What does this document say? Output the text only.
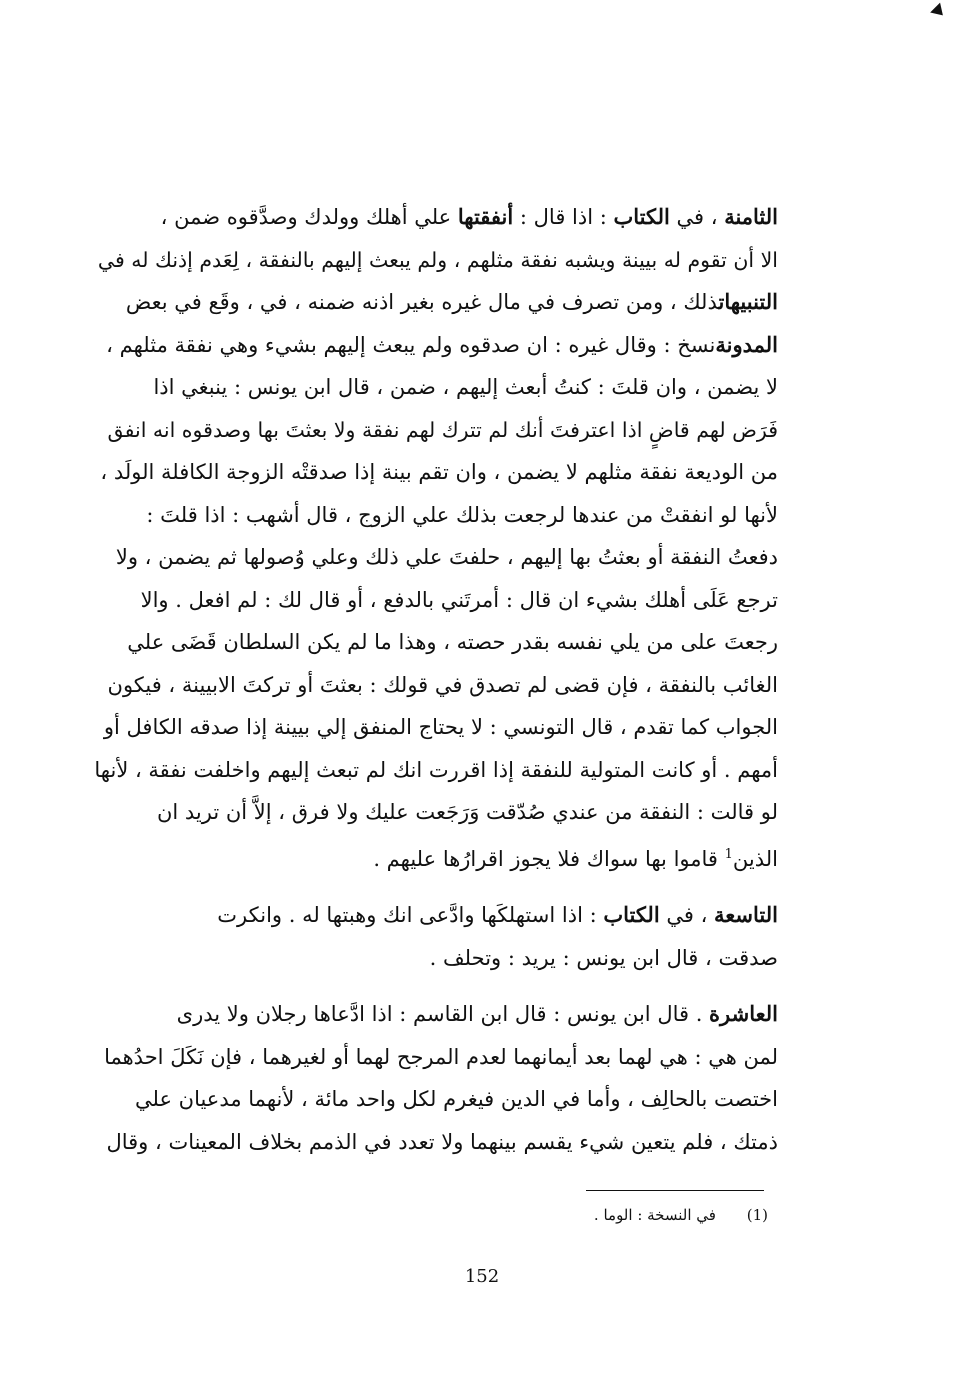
الثامنة ، في الكتاب : اذا قال : أنفقتها علي أهلك وولدك وصدَّقوه ضمن ،
الا أن تقوم له بيينة ويشبه نفقة مثلهم ، ولم يبعث إليهم بالنفقة ، لِعَدم إذنك له في
التنبيهاتذلك ، ومن تصرف في مال غيره بغير اذنه ضمنه ، في ، وقَع في بعض
المدونةنسخ : وقال غيره : ان صدقوه ولم يبعث إليهم بشيء وهي نفقة مثلهم ،
لا يضمن ، وان قلتَ : كنتُ أبعث إليهم ، ضمن ، قال ابن يونس : ينبغي اذا
فَرَض لهم قاضٍ اذا اعترفتَ أنك لم تترك لهم نفقة ولا بعثتَ بها وصدقوه انه انفق
من الوديعة نفقة مثلهم لا يضمن ، وان تقم بينة إذا صدقتْه الزوجة الكافلة الولَد ،
لأنها لو انفقتْ من عندها لرجعت بذلك علي الزوج ، قال أشهب : اذا قلتَ :
دفعتُ النفقة أو بعثتُ بها إليهم ، حلفتَ علي ذلك وعلي وُصولها ثم يضمن ، ولا
ترجع عَلَى أهلك بشيء ان قال : أمرتَني بالدفع ، أو قال لك : لم افعل . والا
رجعتَ على من يلي نفسه بقدر حصته ، وهذا ما لم يكن السلطان قَضَى علي
الغائب بالنفقة ، فإن قضى لم تصدق في قولك : بعثتَ أو تركتَ الابيينة ، فيكون
الجواب كما تقدم ، قال التونسي : لا يحتاج المنفق إلي بيينة إذا صدقه الكافل أو
أمهم . أو كانت المتولية للنفقة إذا اقررت انك لم تبعث إليهم واخلفت نفقة ، لأنها
لو قالت : النفقة من عندي صُدّقت وَرَجَعت عليك ولا فرق ، إلاَّ أن تريد ان
الذين$^1$ قاموا بها سواك فلا يجوز اقرارُها عليهم .
التاسعة ، في الكتاب : اذا استهلكَها وادَّعى انك وهبتها له . وانكرت
صدقت ، قال ابن يونس : يريد : وتحلف .
العاشرة . قال ابن يونس : قال ابن القاسم : اذا ادَّعاها رجلان ولا يدرى
لمن هي : هي لهما بعد أيمانهما لعدم المرجح لهما أو لغيرهما ، فإن نَكَلَ احدُهما
اختصت بالحالِف ، وأما في الدين فيغرم لكل واحد مائة ، لأنهما مدعيان علي
ذمتك ، فلم يتعين شيء يقسم بينهما ولا تعدد في الذمم بخلاف المعينات ، وقال
(1) في النسخة : الوما .
152
